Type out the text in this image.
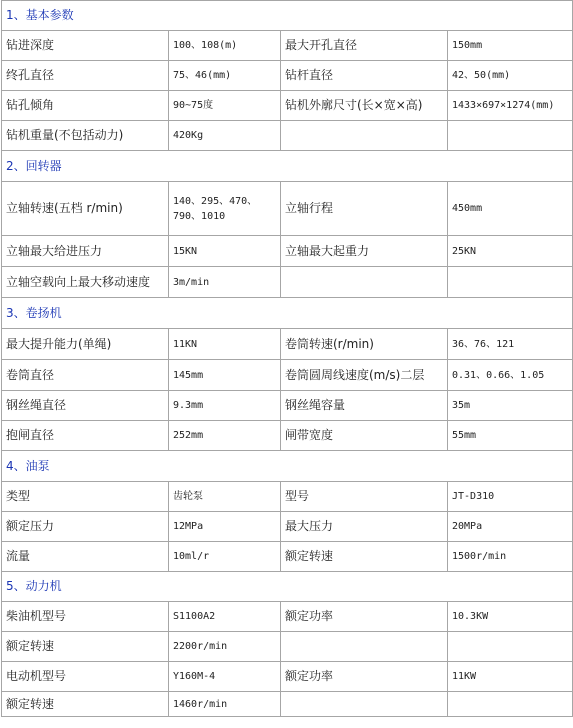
1、基本参数			
钻进深度	100、108(m)	最大开孔直径	150mm
终孔直径	75、46(mm)	钻杆直径	42、50(mm)
钻孔倾角	90~75度	钻机外廓尺寸(长×宽×高)	1433×697×1274(mm)
钻机重量(不包括动力)	420Kg		
2、回转器			
立轴转速(五档 r/min)	140、295、470、790、1010	立轴行程	450mm
立轴最大给进压力	15KN	立轴最大起重力	25KN
立轴空载向上最大移动速度	3m/min		
3、卷扬机			
最大提升能力(单绳)	11KN	卷筒转速(r/min)	36、76、121
卷筒直径	145mm	卷筒圆周线速度(m/s)二层	0.31、0.66、1.05
钢丝绳直径	9.3mm	钢丝绳容量	35m
抱闸直径	252mm	闸带宽度	55mm
4、油泵			
类型	齿轮泵	型号	JT-D310
额定压力	12MPa	最大压力	20MPa
流量	10ml/r	额定转速	1500r/min
5、动力机			
柴油机型号	S1100A2	额定功率	10.3KW
额定转速	2200r/min		
电动机型号	Y160M-4	额定功率	11KW
额定转速	1460r/min		
